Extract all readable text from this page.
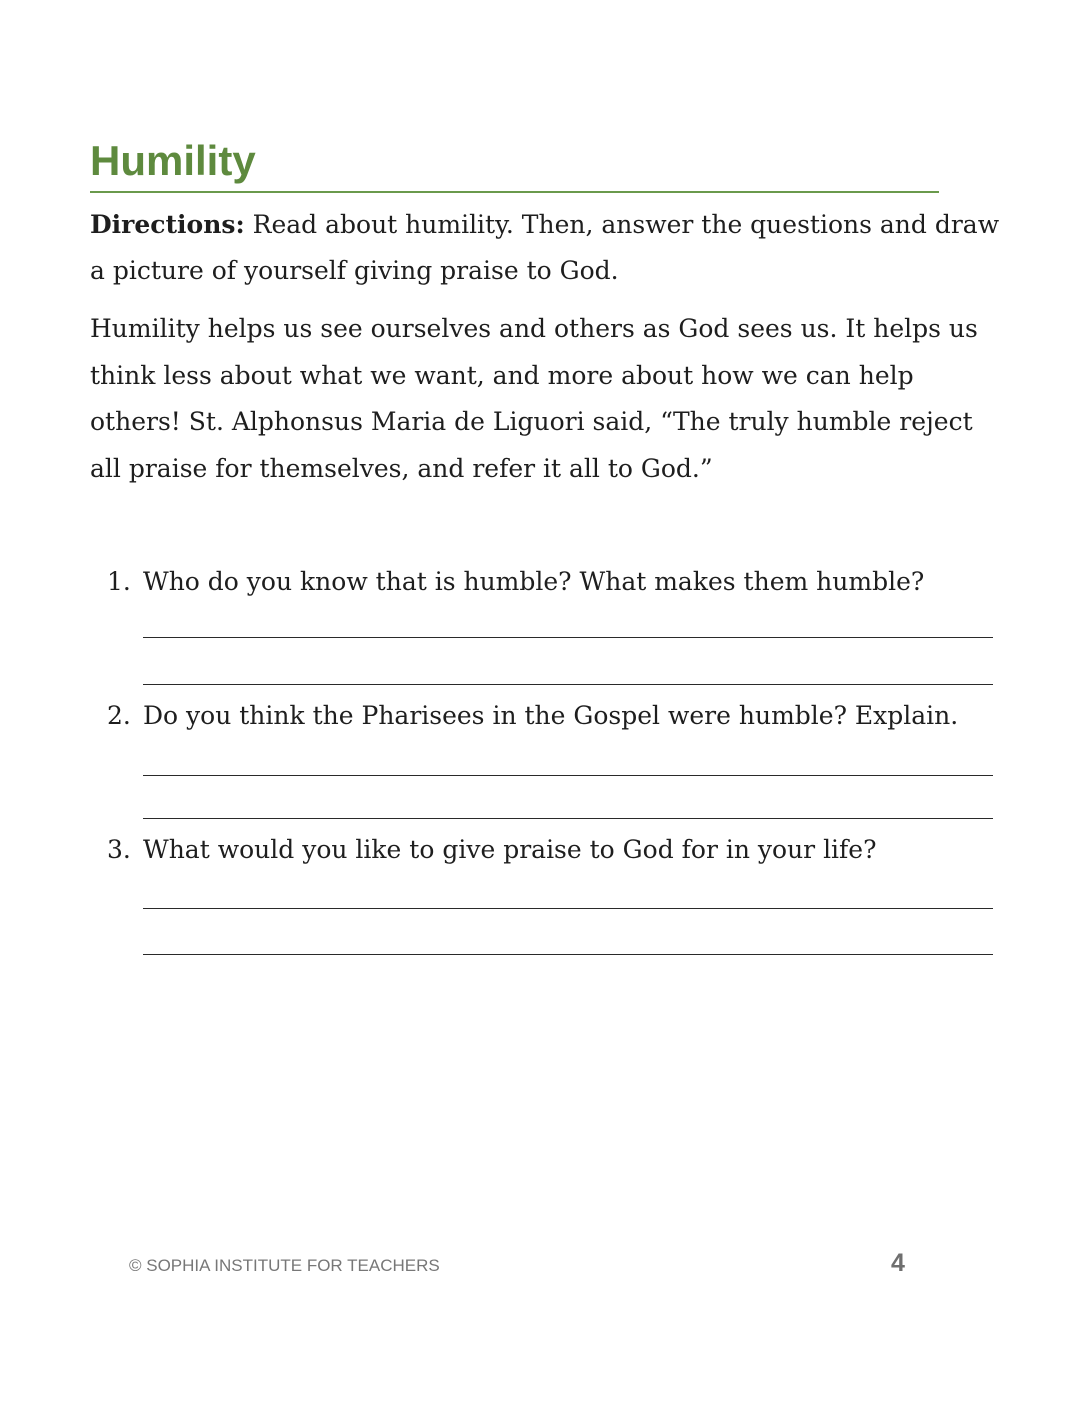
Humility

Directions: Read about humility. Then, answer the questions and draw a picture of yourself giving praise to God.

Humility helps us see ourselves and others as God sees us. It helps us think less about what we want, and more about how we can help others! St. Alphonsus Maria de Liguori said, “The truly humble reject all praise for themselves, and refer it all to God.”

1. Who do you know that is humble? What makes them humble?
2. Do you think the Pharisees in the Gospel were humble? Explain.
3. What would you like to give praise to God for in your life?
© SOPHIA INSTITUTE FOR TEACHERS	4
